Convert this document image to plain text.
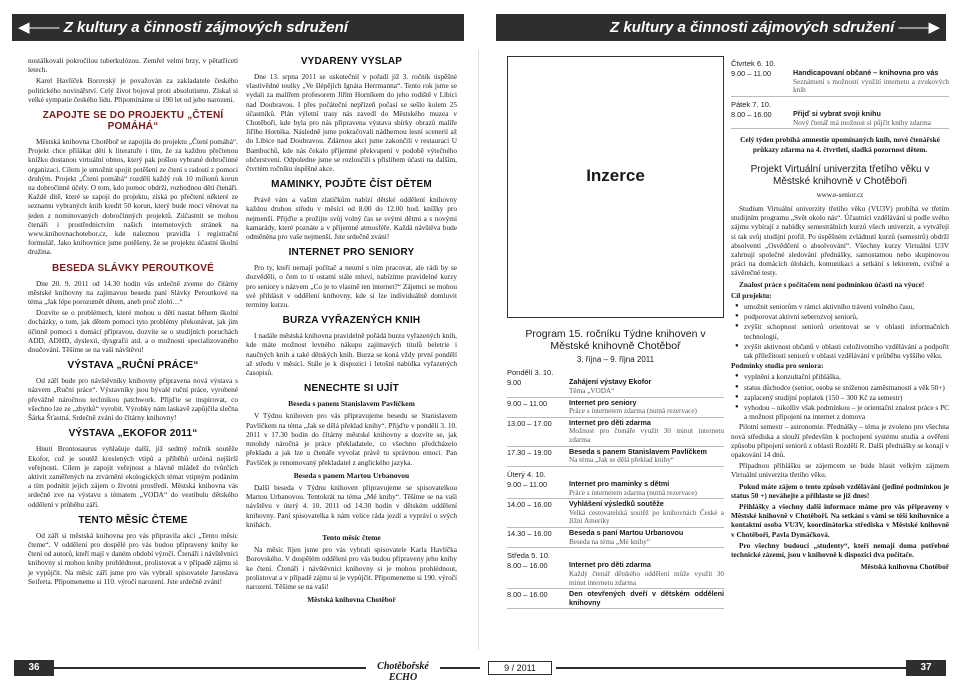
◀—— Z kultury a činnosti zájmových sdružení	Z kultury a činnosti zájmových sdružení ——▶

nostálkovali pokročilou tuberkulózou. Zemřel velmi brzy, v pětatřiceti letech.

Karel Havlíček Borovský je považován za zakladatele českého politického novinářství. Celý život bojoval proti absolutismu. Získal si velké sympatie českého lidu. Připomínáme si 190 let od jeho narození.

ZAPOJTE SE DO PROJEKTU „ČTENÍ POMÁHÁ“

Městská knihovna Chotěboř se zapojila do projektu „Čtení pomáhá“. Projekt chce přilákat děti k literatuře i tím, že za každou přečtenou knížku dostanou virtuální obnos, který pak pošlou vybrané dobročinné organizaci. Cílem je umožnit spojit potěšení ze čtení s radostí z pomoci druhým. Projekt „Čtení pomáhá“ rozdělí každý rok 10 milionů korun na dobročinné účely. O tom, kdo pomoc obdrží, rozhodnou děti čtenáři. Každé dítě, které se zapojí do projektu, získá po přečtení některé ze seznamu vybraných knih kredit 50 korun, který bude moci věnovat na jeden z nominovaných dobročinných projektů. Zúčastnit se mohou čtenáři i prostřednictvím našich internetových stránek na www.knihovnachotebor.cz, kde naleznou pravidla i registrační formulář. Jako knihovnice jsme potěšeny, že se projektu účastní školní družina.

BESEDA SLÁVKY PEROUTKOVÉ

Dne 20. 9. 2011 od 14.30 hodin vás srdečně zveme do čítárny městské knihovny na zajímavou besedu paní Slávky Peroutkové na téma „Jak lépe porozumět dětem, aneb proč zlobí…“

Dozvíte se o problémech, které mohou u dětí nastat během školní docházky, o tom, jak dětem pomoci tyto problémy překonávat, jak jim účinně pomoci s domácí přípravou, dozvíte se o studijních poruchách ADD, ADHD, dyslexii, dysgrafii atd. a o možnosti specializovaného doučování. Těšíme se na vaši návštěvu!

VÝSTAVA „RUČNÍ PRÁCE“

Od září bude pro návštěvníky knihovny připravena nová výstava s názvem „Ruční práce“. Výstavníky jsou bývalé ruční práce, vyrobené převážně náročnou technikou patchwork. Přijďte se inspirovat, co všechno lze ze „zbytků“ vyrobit. Výrobky nám laskavě zapůjčila slečna Šárka Šťastná. Srdečně zváni do čítárny knihovny!

VÝSTAVA „EKOFOR 2011“

Hnutí Brontosaurus vyhlašuje další, již sedmý ročník soutěže Ekofor, což je soutěž kreslených vtipů a příběhů určená nejširší veřejnosti. Cílem je zapojit veřejnost a hlavně mládež do tvůrčích aktivit zaměřených na ztvárnění ekologických témat vtipným podáním a tím podnítit jejich zájem o životní prostředí. Městská knihovna vás srdečně zve na výstavu s tématem „VODA“ do vestibulu dětského oddělení v průběhu září.

TENTO MĚSÍC ČTEME

Od září si městská knihovna pro vás připravila akci „Tento měsíc čteme“. V oddělení pro dospělé pro vás budou připraveny knihy ke čtení od autorů, kteří mají v daném období výročí. Čtenáři i návštěvníci knihovny si mohou knihy prohlédnout, prolistovat a v případě zájmu si je vypůjčit. Na měsíc září jsme pro vás vybrali spisovatele Jaroslava Seiferta. Připomeneme si 110. výročí narození. Jste srdečně zváni!

VYDAŘENÝ VÝŠLAP

Dne 13. srpna 2011 se uskutečnil v pořadí již 3. ročník úspěšné vlastivědné toulky „Ve šlépějích Ignáta Herrmanna“. Tento rok jsme se vydali za malířem profesorem Jiřím Horníkem do jeho rodiště v Libici nad Doubravou. I přes počáteční nepřízeň počasí se sešlo kolem 25 účastníků. Plán výletní trasy nás zavedl do Městského muzea v Chotěboři, kde byla pro nás připravena výstava sbírky obrazů malíře Jiřího Horníka. Následně jsme pokračovali nádhernou lesní scenerií až do Libice nad Doubravou. Zdárnou akci jsme zakončili v restauraci U Bambuchů, kde nás čekalo příjemné překvapení v podobě výtečného občerstvení. Odpoledne jsme se rozloučili s přislibem účasti na dalším, čtvrtém ročníku úspěšné akce.

MAMINKY, POJĎTE ČÍST DĚTEM

Právě vám a vašim zlatíčkům nabízí dětské oddělení knihovny každou druhou středu v měsíci od 8.00 do 12.00 hod. knížky pro nejmenší. Přijďte a prožijte svůj volný čas se svými dětmi a s novými kamarády, které poznáte a v příjemné atmosféře. Každá návštěva bude odměněna pro vaše nejmenší. Jste srdečně zváni!

INTERNET PRO SENIORY

Pro ty, kteří nemají počítač a neumí s ním pracovat, ale rádi by se dozvěděli, o čem to ti ostatní stále mluví, nabízíme pravidelné kurzy pro seniory s názvem „Co je to vlastně ten internet?“ Zájemci se mohou své přihlásit v oddělení knihovny, kde si lze individuálně domluvit termíny kurzu.

BURZA VYŘAZENÝCH KNIH

I nadále městská knihovna pravidelně pořádá burzu vyřazených knih, kde máte možnost levného nákupu zajímavých titulů beletrie i naučných knih a také dětských knih. Burza se koná vždy první pondělí až středu v měsíci. Stále je k dispozici i letošní nabídka vyřazených časopisů.

NENECHTE SI UJÍT
Beseda s panem Stanislavem Pavlíčkem

V Týdnu knihoven pro vás připravujeme besedu se Stanislavem Pavlíčkem na téma „Jak se dělá překlad knihy“. Přijďte v pondělí 3. 10. 2011 v 17.30 hodin do čítárny městské knihovny a dozvíte se, jak mnohdy náročná je práce překladatele, co všechno předcházelo překladu a jak lze u čtenáře vyvolat právě tu správnou emoci. Pan Pavlíček je renomovaný překladatel z anglického jazyka.

Beseda s panem Martou Urbanovou

Další beseda v Týdnu knihoven připravujeme se spisovatelkou Martou Urbanovou. Tentokrát na téma „Mé knihy“. Těšíme se na vaši návštěvu v úterý 4. 10. 2011 od 14.30 hodin v dětském oddělení knihovny. Paní spisovatelka k nám velice ráda jezdí a vypráví o svých knihách.

Tento měsíc čteme

Na měsíc říjen jsme pro vás vybrali spisovatele Karla Havlíčka Borovského. V dospělém oddělení pro vás budou připraveny jeho knihy ke čtení. Čtenáři i návštěvníci knihovny si je mohou prohlédnout, prolistovat a v případě zájmu si je vypůjčit. Připomeneme si 190. výročí narození. Těšíme se na vaši!

Městská knihovna Chotěboř

Inzerce
Program 15. ročníku Týdne knihoven v Městské knihovně Chotěboř
3. října – 9. října 2011
Pondělí 3. 10.
9.00	Zahájení výstavy Ekofor
Téma „VODA“
9.00 – 11.00	Internet pro seniory
Práce s internetem zdarma (nutná rezervace)
13.00 – 17.00	Internet pro děti zdarma
Možnost pro čtenáře využít 30 minut internetu zdarma
17.30 – 19.00	Beseda s panem Stanislavem Pavlíčkem
Na téma „Jak se dělá překlad knihy“
Úterý 4. 10.
9.00 – 11.00	Internet pro maminky s dětmi
Práce s internetem zdarma (nutná rezervace)
14.00 – 16.00	Vyhlášení výsledků soutěže
Velká cestovatelská soutěž po knihovnách České a Jižní Ameriky
14.30 – 16.00	Beseda s paní Martou Urbanovou
Beseda na téma „Mé knihy“
Středa 5. 10.
8.00 – 16.00	Internet pro děti zdarma
Každý čtenář dětského oddělení může využít 30 minut internetu zdarma
8.00 – 16.00	Den otevřených dveří v dětském oddělení knihovny
Čtvrtek 6. 10.
9.00 – 11.00	Handicapovaní občané – knihovna pro vás
Seznámení s možností využití internetu a zvukových knih
Pátek 7. 10.
8.00 – 16.00	Přijď si vybrat svoji knihu
Nový čtenář má možnost si půjčit knihy zdarma

Celý týden probíhá amnestie upomínaných knih, nové čtenářské průkazy zdarma na 4. čtvrtletí, sladká pozornost dětem.

Projekt Virtuální univerzita třetího věku v Městské knihovně v Chotěboři
www.e-senior.cz

Studium Virtuální univerzity třetího věku (VU3V) probíhá ve třetím studijním programu „Svět okolo nás“. Účastníci vzdělávání si podle svého zájmu vybírají z nabídky semestrálních kurzů všech univerzit, a vytvářejí si tak svůj studijní profil. Po úspěšném zvládnutí kurzů (semestrů) obdrží absolventi „Osvědčení o absolvování“. Všechny kurzy Virtuální U3V zahrnují společné sledování přednášky, samostatnou nebo skupinovou práci na domácích úlohách, komunikaci a setkání s lektorem, cvičné a závěrečné testy.

Znalost práce s počítačem není podmínkou účasti na výuce!

Cíl projektu:

● umožnit seniorům v rámci aktivního trávení volného času,
● podporovat aktivní seberozvoj seniorů,
● zvýšit schopnost seniorů orientovat se v oblasti informačních technologií,
● zvýšit aktivnost občanů v oblasti celoživotního vzdělávání a podpořit tak příležitosti seniorů v oblasti vzdělávání v průběhu vyššího věku.

Podmínky studia pro seniora:

● vyplnění a konzultační přihláška,
● status důchodce (senior, osoba se sníženou zaměstnaností a věk 50+)
● zaplacený studijní poplatek (150 – 300 Kč za semestr)
● vyhodou – nikolliv však podmínkou – je orientační znalost práce s PC a možnost připojení na internet z domova

Pilotní semestr – astronomie. Přednášky – téma je zvoleno pro všechna nová střediska a slouží především k pochopení systému studia a ověření způsobu připojení seniorů z oblastí Rozdělí R. Další přednášky se konají v opakování 14 dnů.

Případnou přihlášku se zájemcem se bude hlasit velkým zájmem Virtuální univerzita třetího věku.

Pokud máte zájem o tento způsob vzdělávání (jediné podmínkou je status 50 +) neváhejte a přihlaste se již dnes!

Přihlášky a všechny další informace máme pro vás připraveny v Městské knihovně v Chotěboři. Na setkání s vámi se těší knihovnice a kontaktní osoba VU3V, koordinátorka střediska v Městské knihovně v Chotěboři, Pavla Dymáčková.

Pro všechny budoucí „studenty“, kteří nemají doma potřebné technické zázemí, jsou v knihovně k dispozici dva počítače.

Městská knihovna Chotěboř

36	Chotěbořské ECHO
9 / 2011	37
